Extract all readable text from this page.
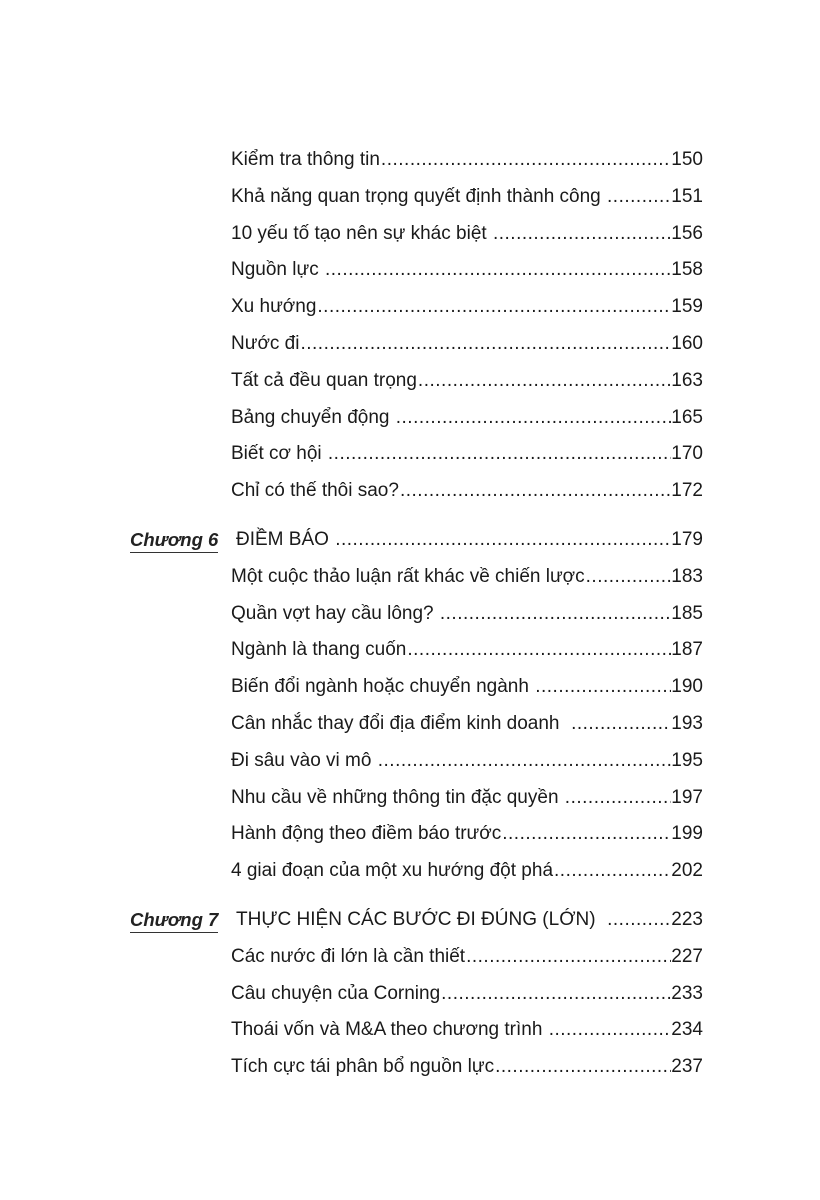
Kiểm tra thông tin .....	150
Khả năng quan trọng quyết định thành công .....	151
10 yếu tố tạo nên sự khác biệt .....	156
Nguồn lực .....	158
Xu hướng .....	159
Nước đi .....	160
Tất cả đều quan trọng .....	163
Bảng chuyển động .....	165
Biết cơ hội .....	170
Chỉ có thế thôi sao? .....	172
Chương 6 ĐIỀM BÁO .....	179
Một cuộc thảo luận rất khác về chiến lược .....	183
Quần vợt hay cầu lông? .....	185
Ngành là thang cuốn .....	187
Biến đổi ngành hoặc chuyển ngành .....	190
Cân nhắc thay đổi địa điểm kinh doanh .....	193
Đi sâu vào vi mô .....	195
Nhu cầu về những thông tin đặc quyền .....	197
Hành động theo điềm báo trước .....	199
4 giai đoạn của một xu hướng đột phá .....	202
Chương 7 THỰC HIỆN CÁC BƯỚC ĐI ĐÚNG (LỚN) .....	223
Các nước đi lớn là cần thiết .....	227
Câu chuyện của Corning .....	233
Thoái vốn và M&A theo chương trình .....	234
Tích cực tái phân bổ nguồn lực .....	237
